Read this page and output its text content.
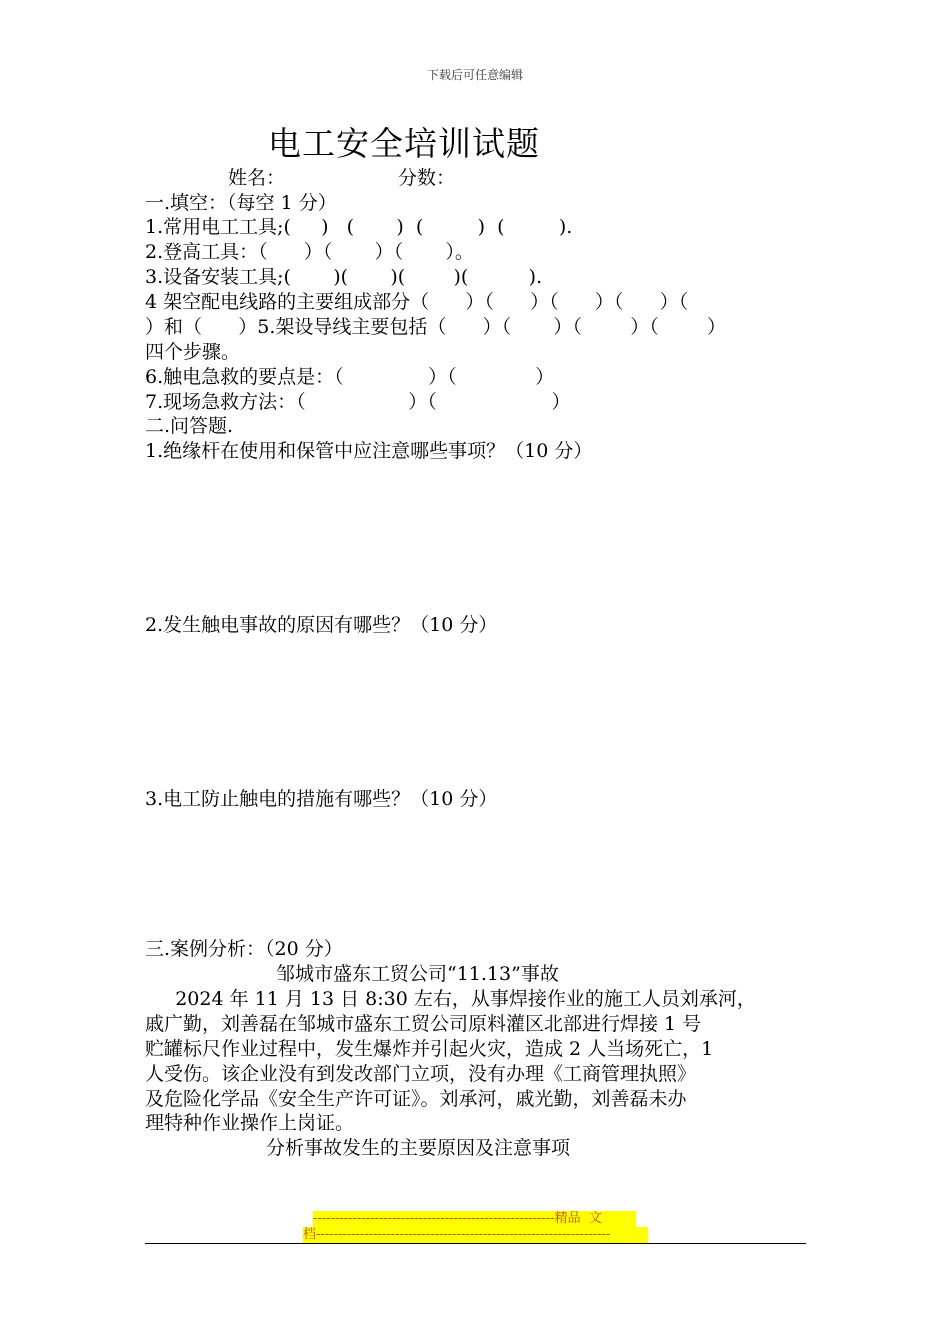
下载后可任意编辑
电工安全培训试题
姓名：	分数：
一.填空：（每空 1 分）
1.常用电工工具;(     )   (       )  (         )  (         ).
2.登高工具：（      ）（       ）（       ）。
3.设备安装工具;(       )(       )(        )(          ).
4 架空配电线路的主要组成部分（      ）（      ）（      ）（      ）（
）和（      ）5.架设导线主要包括（      ）（       ）（        ）（        ）
四个步骤。
6.触电急救的要点是：（              ）（             ）
7.现场急救方法：（                 ）（                   ）
二.问答题.
1.绝缘杆在使用和保管中应注意哪些事项？（10 分）
2.发生触电事故的原因有哪些？（10 分）
3.电工防止触电的措施有哪些？（10 分）
三.案例分析：（20 分）
邹城市盛东工贸公司“11.13”事故
2024 年 11 月 13 日 8:30 左右，从事焊接作业的施工人员刘承河，
戚广勤，刘善磊在邹城市盛东工贸公司原料灌区北部进行焊接 1 号
贮罐标尺作业过程中，发生爆炸并引起火灾，造成 2 人当场死亡，1
人受伤。该企业没有到发改部门立项，没有办理《工商管理执照》
及危险化学品《安全生产许可证》。刘承河，戚光勤，刘善磊未办
理特种作业操作上岗证。
分析事故发生的主要原因及注意事项
-------------------------------------------------------精品  文
档-------------------------------------------------------------------
